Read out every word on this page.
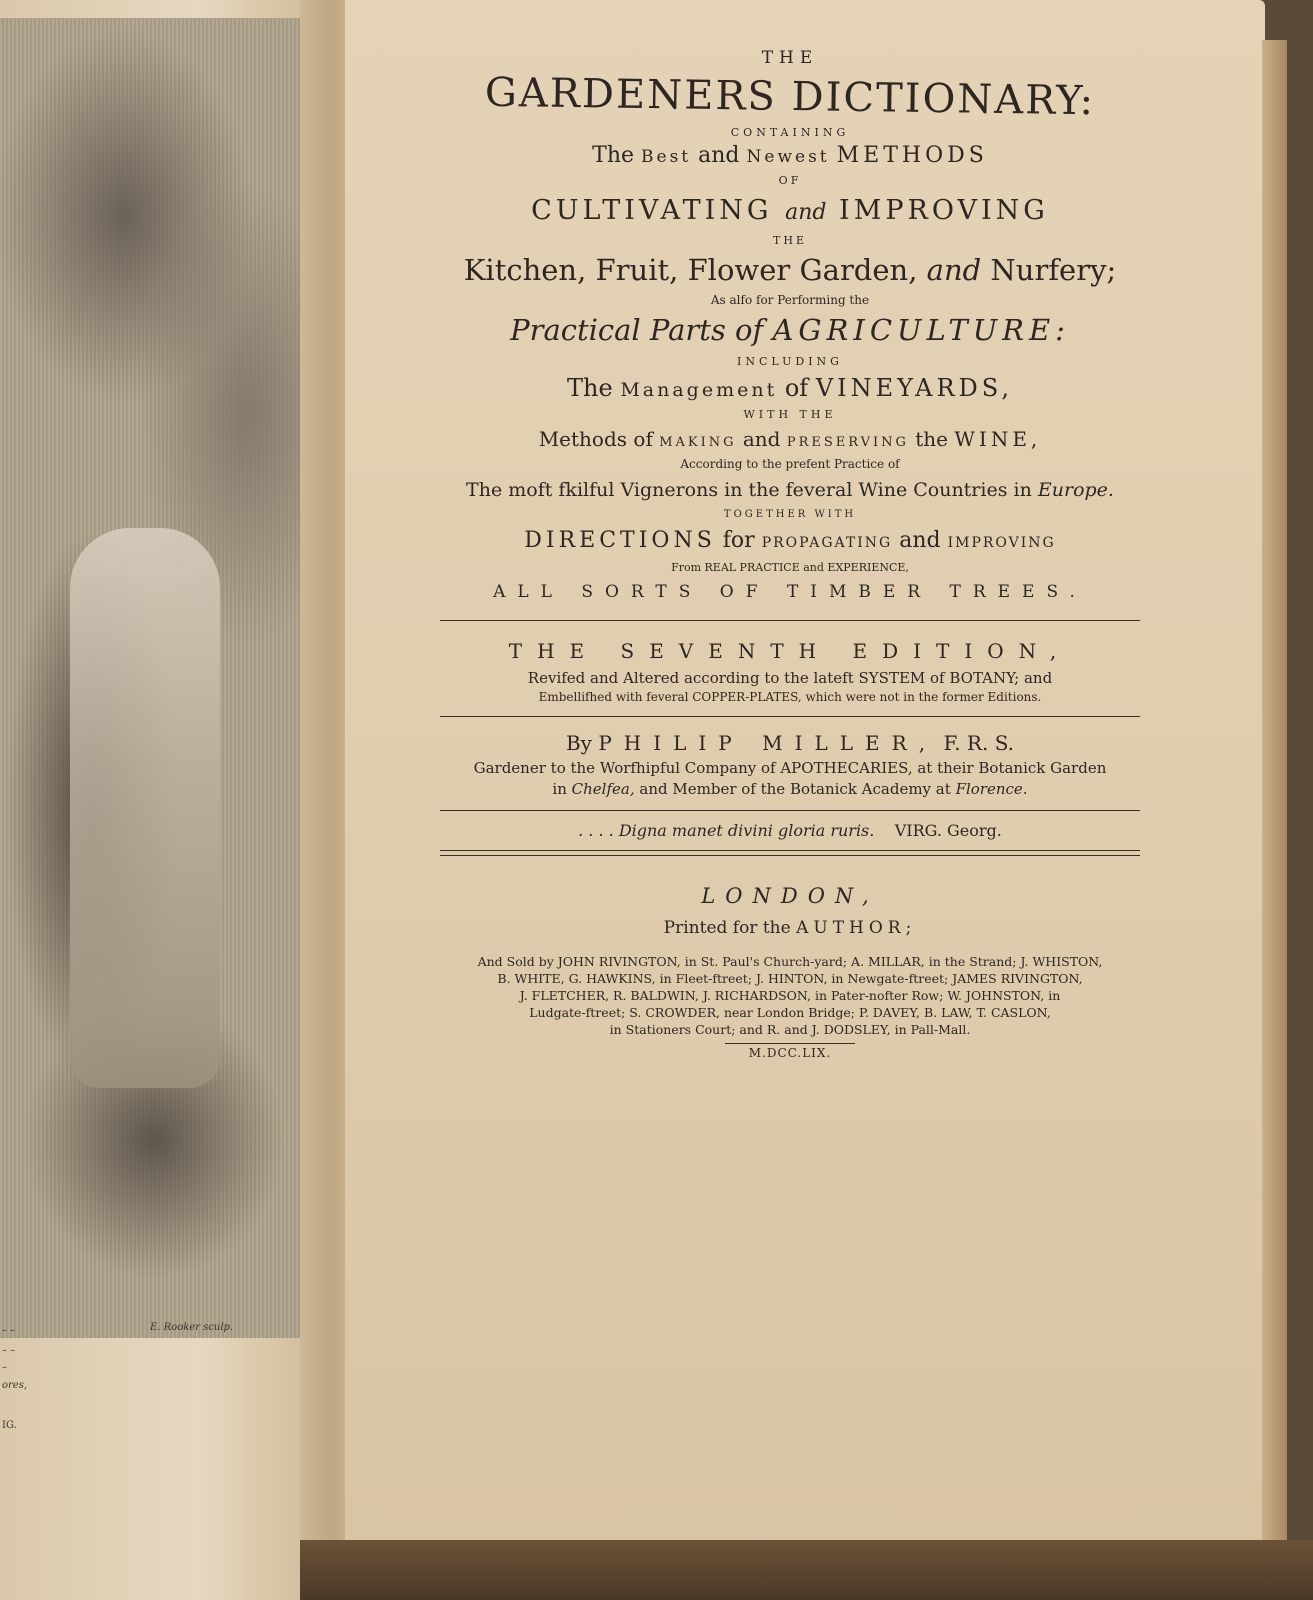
E. Rooker sculp.
– –
– –
–
ores,
IG.
THE
GARDENERS DICTIONARY:
CONTAINING
The Best and Newest METHODS
OF
CULTIVATING and IMPROVING
THE
Kitchen, Fruit, Flower Garden, and Nurfery;
As alfo for Performing the
Practical Parts of AGRICULTURE:
INCLUDING
The Management of VINEYARDS,
WITH THE
Methods of MAKING and PRESERVING the WINE,
According to the prefent Practice of
The moft fkilful Vignerons in the feveral Wine Countries in Europe.
TOGETHER WITH
DIRECTIONS for PROPAGATING and IMPROVING
From REAL PRACTICE and EXPERIENCE,
ALL SORTS OF TIMBER TREES.
THE SEVENTH EDITION,
Revifed and Altered according to the lateft SYSTEM of BOTANY; and
Embellifhed with feveral COPPER-PLATES, which were not in the former Editions.
By PHILIP MILLER, F. R. S.
Gardener to the Worfhipful Company of APOTHECARIES, at their Botanick Garden
in Chelfea, and Member of the Botanick Academy at Florence.
. . . . Digna manet divini gloria ruris. VIRG. Georg.
LONDON,
Printed for the AUTHOR;
And Sold by JOHN RIVINGTON, in St. Paul's Church-yard; A. MILLAR, in the Strand; J. WHISTON,
B. WHITE, G. HAWKINS, in Fleet-ftreet; J. HINTON, in Newgate-ftreet; JAMES RIVINGTON,
J. FLETCHER, R. BALDWIN, J. RICHARDSON, in Pater-nofter Row; W. JOHNSTON, in
Ludgate-ftreet; S. CROWDER, near London Bridge; P. DAVEY, B. LAW, T. CASLON,
in Stationers Court; and R. and J. DODSLEY, in Pall-Mall.
M.DCC.LIX.
